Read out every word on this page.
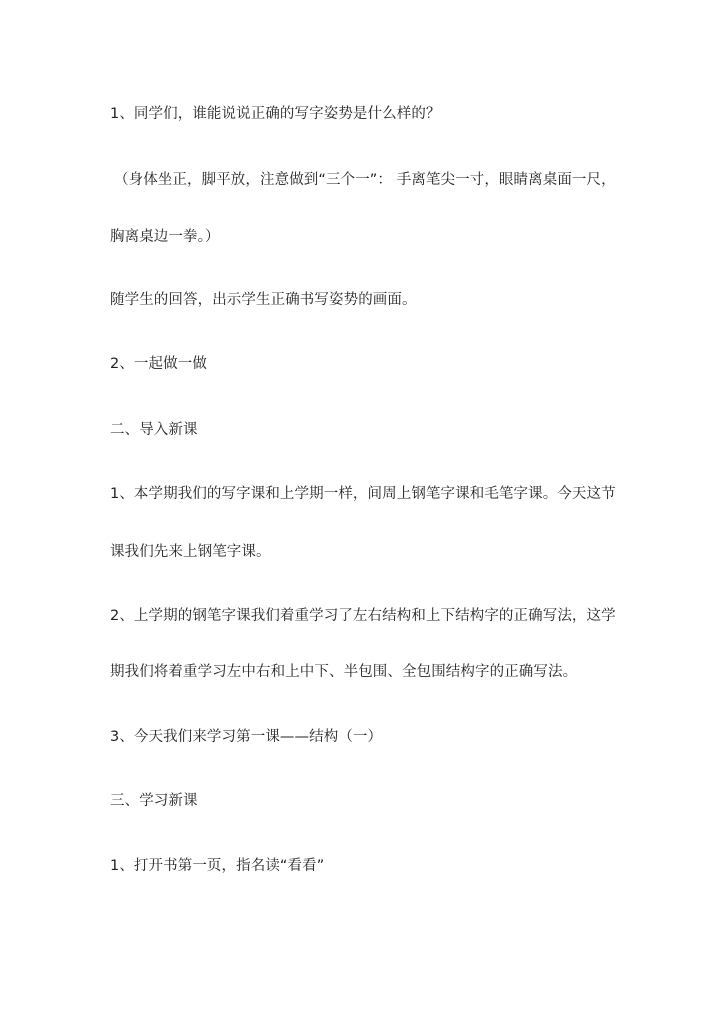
1、同学们，谁能说说正确的写字姿势是什么样的？
（身体坐正，脚平放，注意做到“三个一”： 手离笔尖一寸，眼睛离桌面一尺，
胸离桌边一拳。）
随学生的回答，出示学生正确书写姿势的画面。
2、一起做一做
二、导入新课
1、本学期我们的写字课和上学期一样，间周上钢笔字课和毛笔字课。今天这节
课我们先来上钢笔字课。
2、上学期的钢笔字课我们着重学习了左右结构和上下结构字的正确写法，这学
期我们将着重学习左中右和上中下、半包围、全包围结构字的正确写法。
3、今天我们来学习第一课——结构（一）
三、学习新课
1、打开书第一页，指名读“看看”
